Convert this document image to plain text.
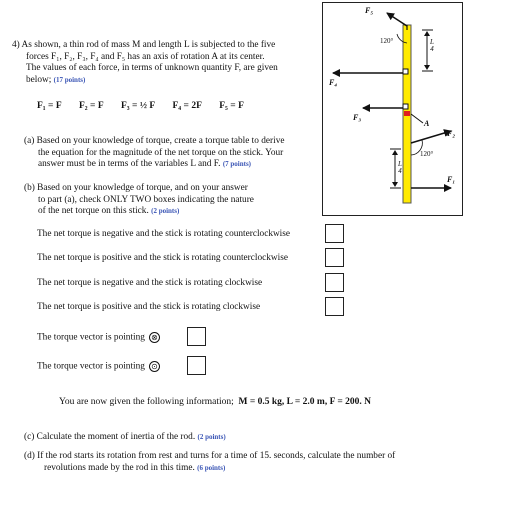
4) As shown, a thin rod of mass M and length L is subjected to the five
forces F₁, F₂, F₃, F₄ and F₅ has an axis of rotation A at its center.
The values of each force, in terms of unknown quantity F, are given
below; (17 points)
F₁ = F F₂ = F F₃ = ½ F F₄ = 2F F₅ = F
(a) Based on your knowledge of torque, create a torque table to derive
the equation for the magnitude of the net torque on the stick. Your
answer must be in terms of the variables L and F. (7 points)
(b) Based on your knowledge of torque, and on your answer
to part (a), check ONLY TWO boxes indicating the nature
of the net torque on this stick. (2 points)
The net torque is negative and the stick is rotating counterclockwise
The net torque is positive and the stick is rotating counterclockwise
The net torque is negative and the stick is rotating clockwise
The net torque is positive and the stick is rotating clockwise
The torque vector is pointing ⊗
The torque vector is pointing ⊙
You are now given the following information; M = 0.5 kg, L = 2.0 m, F = 200. N
(c) Calculate the moment of inertia of the rod. (2 points)
(d) If the rod starts its rotation from rest and turns for a time of 15. seconds, calculate the number of
revolutions made by the rod in this time. (6 points)
F₅
120°
F₄
F₃
A
F₂
120°
F₁
L
4
L
4
